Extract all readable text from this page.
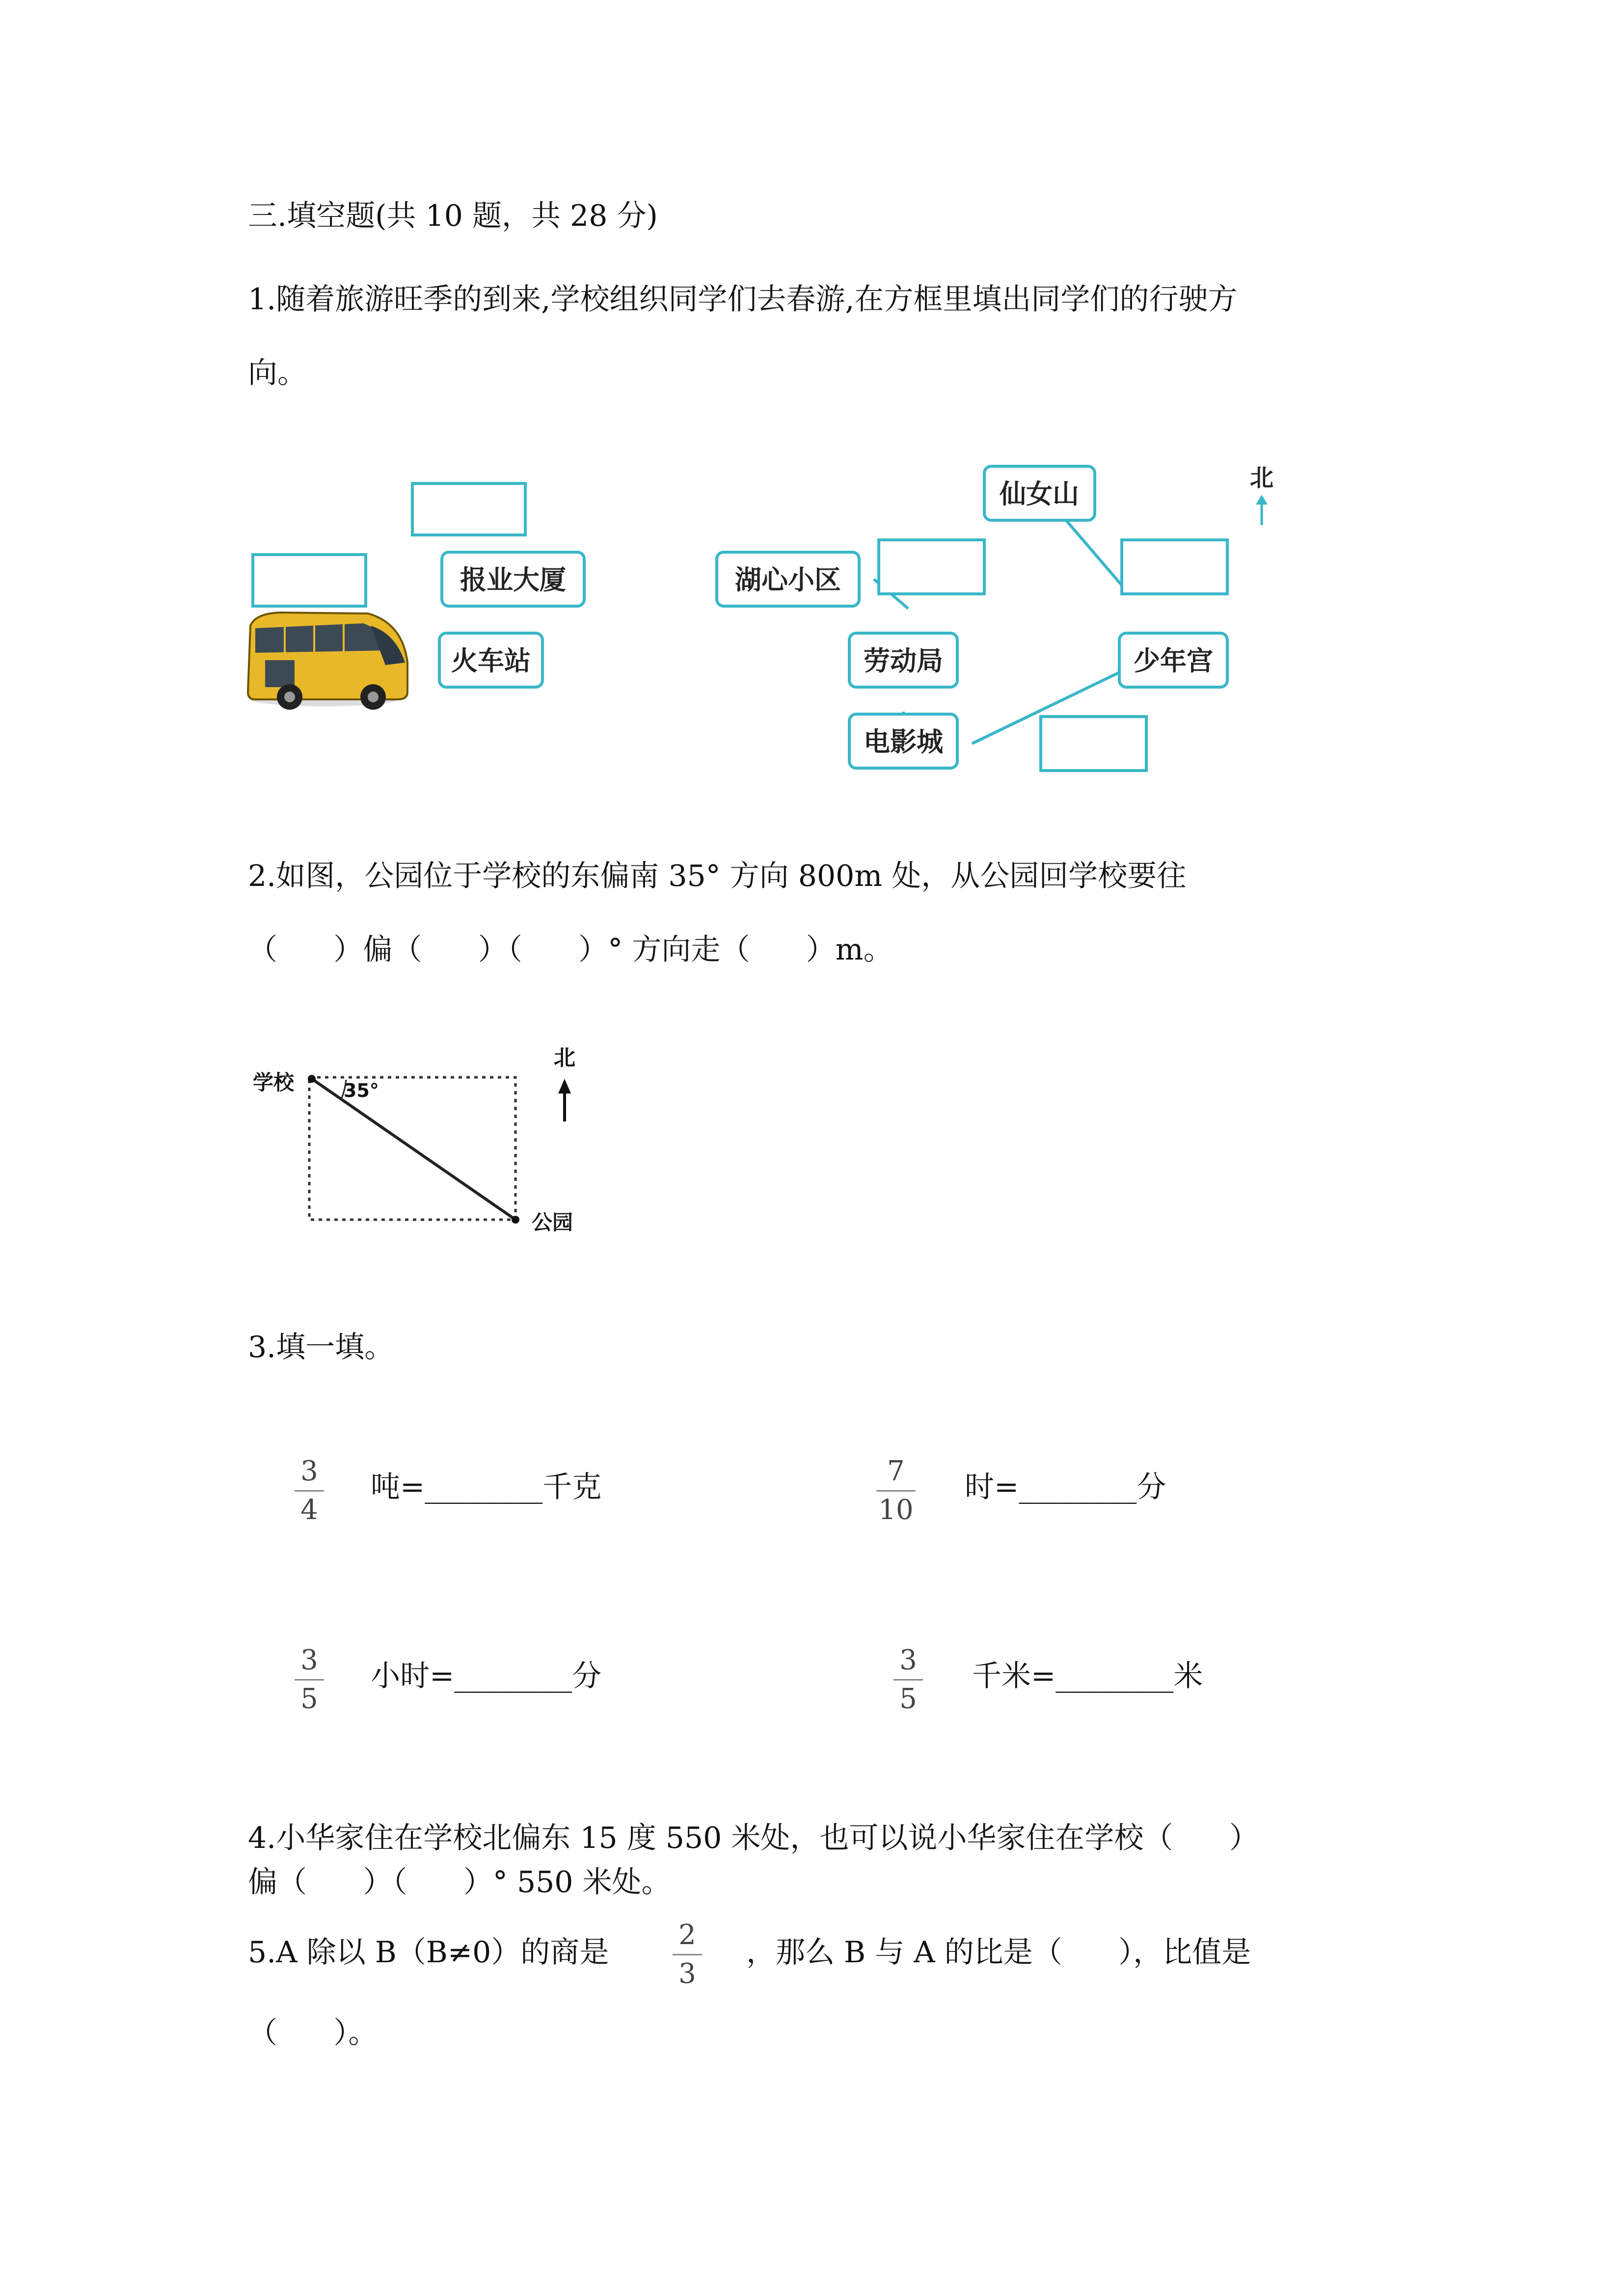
三.填空题(共 10 题，共 28 分)
1.随着旅游旺季的到来,学校组织同学们去春游,在方框里填出同学们的行驶方
向。
报业大厦	湖心小区
火车站	劳动局
电影城
少年宫
仙女山
北
2.如图，公园位于学校的东偏南 35° 方向 800m 处，从公园回学校要往
（      ）偏（      ）（      ）° 方向走（      ）m。
学校	35°
公园
北
3.填一填。
3
4
吨=________千克	7
10
时=________分
3
5
小时=________分	3
5
千米=________米
4.小华家住在学校北偏东 15 度 550 米处，也可以说小华家住在学校（      ）
偏（      ）（      ）° 550 米处。
5.A 除以 B（B≠0）的商是
2
3
，那么 B 与 A 的比是（      ），比值是
（      ）。
